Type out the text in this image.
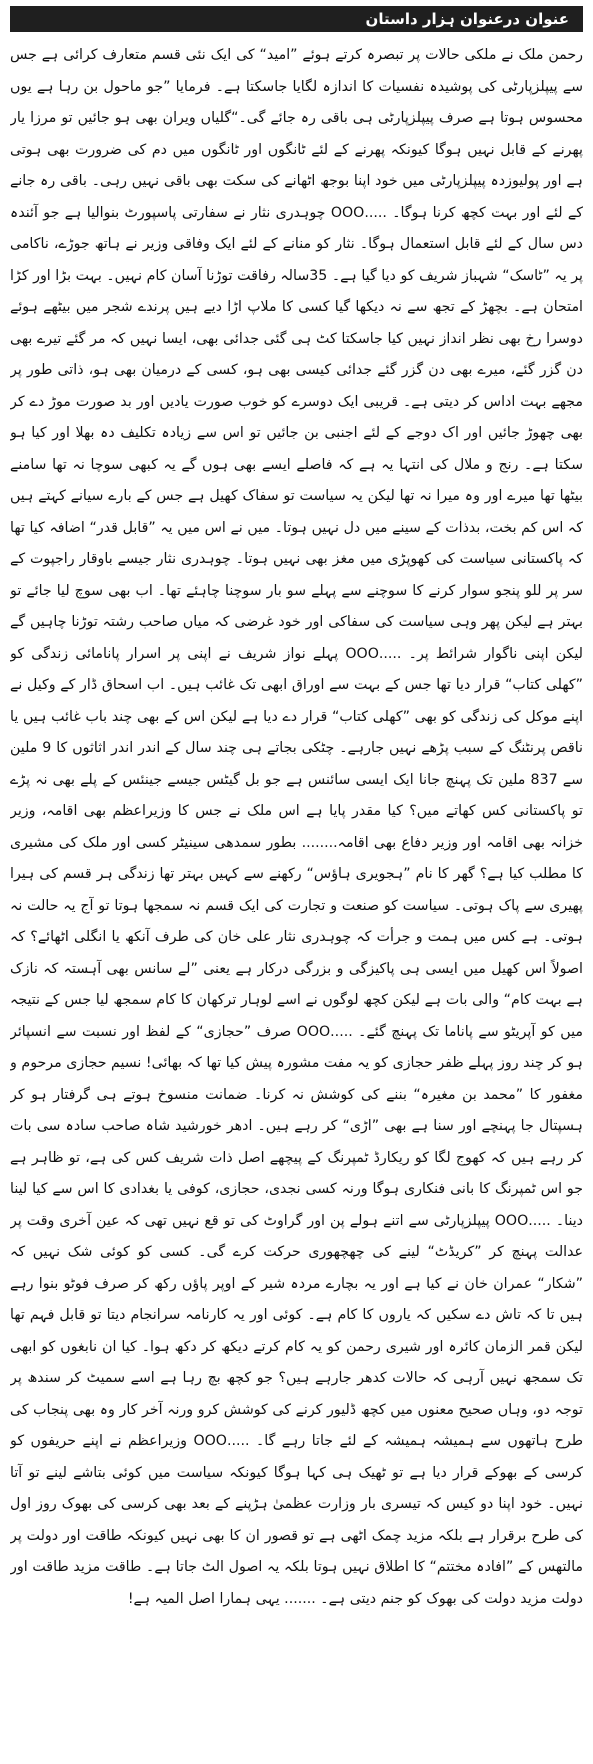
عنوان درعنوان ہزار داستان

رحمن ملک نے ملکی حالات پر تبصرہ کرتے ہوئے ”امید“ کی ایک نئی قسم متعارف کرائی ہے جس سے پیپلزپارٹی کی پوشیدہ نفسیات کا اندازہ لگایا جاسکتا ہے۔ فرمایا ”جو ماحول بن رہا ہے یوں محسوس ہوتا ہے صرف پیپلزپارٹی ہی باقی رہ جائے گی۔“گلیاں ویران بھی ہو جائیں تو مرزا یار پھرنے کے قابل نہیں ہوگا کیونکہ پھرنے کے لئے ٹانگوں اور ٹانگوں میں دم کی ضرورت بھی ہوتی ہے اور پولیوزدہ پیپلزپارٹی میں خود اپنا بوجھ اٹھانے کی سکت بھی باقی نہیں رہی۔ باقی رہ جانے کے لئے اور بہت کچھ کرنا ہوگا۔ .....OOO چوہدری نثار نے سفارتی پاسپورٹ بنوالیا ہے جو آئندہ دس سال کے لئے قابل استعمال ہوگا۔ نثار کو منانے کے لئے ایک وفاقی وزیر نے ہاتھ جوڑے، ناکامی پر یہ ”ٹاسک“ شہباز شریف کو دیا گیا ہے۔ 35سالہ رفاقت توڑنا آسان کام نہیں۔ بہت بڑا اور کڑا امتحان ہے۔ بچھڑ کے تجھ سے نہ دیکھا گیا کسی کا ملاپ اڑا دیے ہیں پرندے شجر میں بیٹھے ہوئے دوسرا رخ بھی نظر انداز نہیں کیا جاسکتا کٹ ہی گئی جدائی بھی، ایسا نہیں کہ مر گئے تیرے بھی دن گزر گئے، میرے بھی دن گزر گئے جدائی کیسی بھی ہو، کسی کے درمیان بھی ہو، ذاتی طور پر مجھے بہت اداس کر دیتی ہے۔ قریبی ایک دوسرے کو خوب صورت یادیں اور بد صورت موڑ دے کر بھی چھوڑ جائیں اور اک دوجے کے لئے اجنبی بن جائیں تو اس سے زیادہ تکلیف دہ بھلا اور کیا ہو سکتا ہے۔ رنج و ملال کی انتہا یہ ہے کہ فاصلے ایسے بھی ہوں گے یہ کبھی سوچا نہ تھا سامنے بیٹھا تھا میرے اور وہ میرا نہ تھا لیکن یہ سیاست تو سفاک کھیل ہے جس کے بارے سیانے کہتے ہیں کہ اس کم بخت، بدذات کے سینے میں دل نہیں ہوتا۔ میں نے اس میں یہ ”قابل قدر“ اضافہ کیا تھا کہ پاکستانی سیاست کی کھوپڑی میں مغز بھی نہیں ہوتا۔ چوہدری نثار جیسے باوقار راجپوت کے سر پر للو پنجو سوار کرنے کا سوچنے سے پہلے سو بار سوچنا چاہئے تھا۔ اب بھی سوچ لیا جائے تو بہتر ہے لیکن پھر وہی سیاست کی سفاکی اور خود غرضی کہ میاں صاحب رشتہ توڑنا چاہیں گے لیکن اپنی ناگوار شرائط پر۔ .....OOO پہلے نواز شریف نے اپنی پر اسرار پانامائی زندگی کو ”کھلی کتاب“ قرار دیا تھا جس کے بہت سے اوراق ابھی تک غائب ہیں۔ اب اسحاق ڈار کے وکیل نے اپنے موکل کی زندگی کو بھی ”کھلی کتاب“ قرار دے دیا ہے لیکن اس کے بھی چند باب غائب ہیں یا ناقص پرنٹنگ کے سبب پڑھے نہیں جارہے۔ چٹکی بجاتے ہی چند سال کے اندر اندر اثاثوں کا 9 ملین سے 837 ملین تک پہنچ جانا ایک ایسی سائنس ہے جو بل گیٹس جیسے جینئس کے پلے بھی نہ پڑے تو پاکستانی کس کھاتے میں؟ کیا مقدر پایا ہے اس ملک نے جس کا وزیراعظم بھی اقامہ، وزیر خزانہ بھی اقامہ اور وزیر دفاع بھی اقامہ........ بطور سمدھی سینیٹر کسی اور ملک کی مشیری کا مطلب کیا ہے؟ گھر کا نام ”ہجویری ہاؤس“ رکھنے سے کہیں بہتر تھا زندگی ہر قسم کی ہیرا پھیری سے پاک ہوتی۔ سیاست کو صنعت و تجارت کی ایک قسم نہ سمجھا ہوتا تو آج یہ حالت نہ ہوتی۔ ہے کس میں ہمت و جرأت کہ چوہدری نثار علی خان کی طرف آنکھ یا انگلی اٹھائے؟ کہ اصولاً اس کھیل میں ایسی ہی پاکیزگی و بزرگی درکار ہے یعنی ”لے سانس بھی آہستہ کہ نازک ہے بہت کام“ والی بات ہے لیکن کچھ لوگوں نے اسے لوہار ترکھان کا کام سمجھ لیا جس کے نتیجہ میں کو آپریٹو سے پاناما تک پہنچ گئے۔ .....OOO صرف ”حجازی“ کے لفظ اور نسبت سے انسپائر ہو کر چند روز پہلے ظفر حجازی کو یہ مفت مشورہ پیش کیا تھا کہ بھائی! نسیم حجازی مرحوم و مغفور کا ”محمد بن مغیرہ“ بننے کی کوشش نہ کرنا۔ ضمانت منسوخ ہوتے ہی گرفتار ہو کر ہسپتال جا پہنچے اور سنا ہے بھی ”اڑی“ کر رہے ہیں۔ ادھر خورشید شاہ صاحب سادہ سی بات کر رہے ہیں کہ کھوج لگا کو ریکارڈ ٹمپرنگ کے پیچھے اصل ذات شریف کس کی ہے، تو ظاہر ہے جو اس ٹمپرنگ کا بانی فنکاری ہوگا ورنہ کسی نجدی، حجازی، کوفی یا بغدادی کا اس سے کیا لینا دینا۔ .....OOO پیپلزپارٹی سے اتنے ہولے پن اور گراوٹ کی تو قع نہیں تھی کہ عین آخری وقت پر عدالت پہنچ کر ”کریڈٹ“ لینے کی چھچھوری حرکت کرے گی۔ کسی کو کوئی شک نہیں کہ ”شکار“ عمران خان نے کیا ہے اور یہ بچارے مردہ شیر کے اوپر پاؤں رکھ کر صرف فوٹو بنوا رہے ہیں تا کہ تاش دے سکیں کہ یاروں کا کام ہے۔ کوئی اور یہ کارنامہ سرانجام دیتا تو قابل فہم تھا لیکن قمر الزمان کائرہ اور شیری رحمن کو یہ کام کرتے دیکھ کر دکھ ہوا۔ کیا ان نابغوں کو ابھی تک سمجھ نہیں آرہی کہ حالات کدھر جارہے ہیں؟ جو کچھ بچ رہا ہے اسے سمیٹ کر سندھ پر توجہ دو، وہاں صحیح معنوں میں کچھ ڈلیور کرنے کی کوشش کرو ورنہ آخر کار وہ بھی پنجاب کی طرح ہاتھوں سے ہمیشہ ہمیشہ کے لئے جاتا رہے گا۔ .....OOO وزیراعظم نے اپنے حریفوں کو کرسی کے بھوکے قرار دیا ہے تو ٹھیک ہی کہا ہوگا کیونکہ سیاست میں کوئی بتاشے لینے تو آتا نہیں۔ خود اپنا دو کیس کہ تیسری بار وزارت عظمیٰ ہڑپنے کے بعد بھی کرسی کی بھوک روز اول کی طرح برقرار ہے بلکہ مزید چمک اٹھی ہے تو قصور ان کا بھی نہیں کیونکہ طاقت اور دولت پر مالتھس کے ”افادہ مختتم“ کا اطلاق نہیں ہوتا بلکہ یہ اصول الٹ جاتا ہے۔ طاقت مزید طاقت اور دولت مزید دولت کی بھوک کو جنم دیتی ہے۔ ....... یہی ہمارا اصل المیہ ہے!
